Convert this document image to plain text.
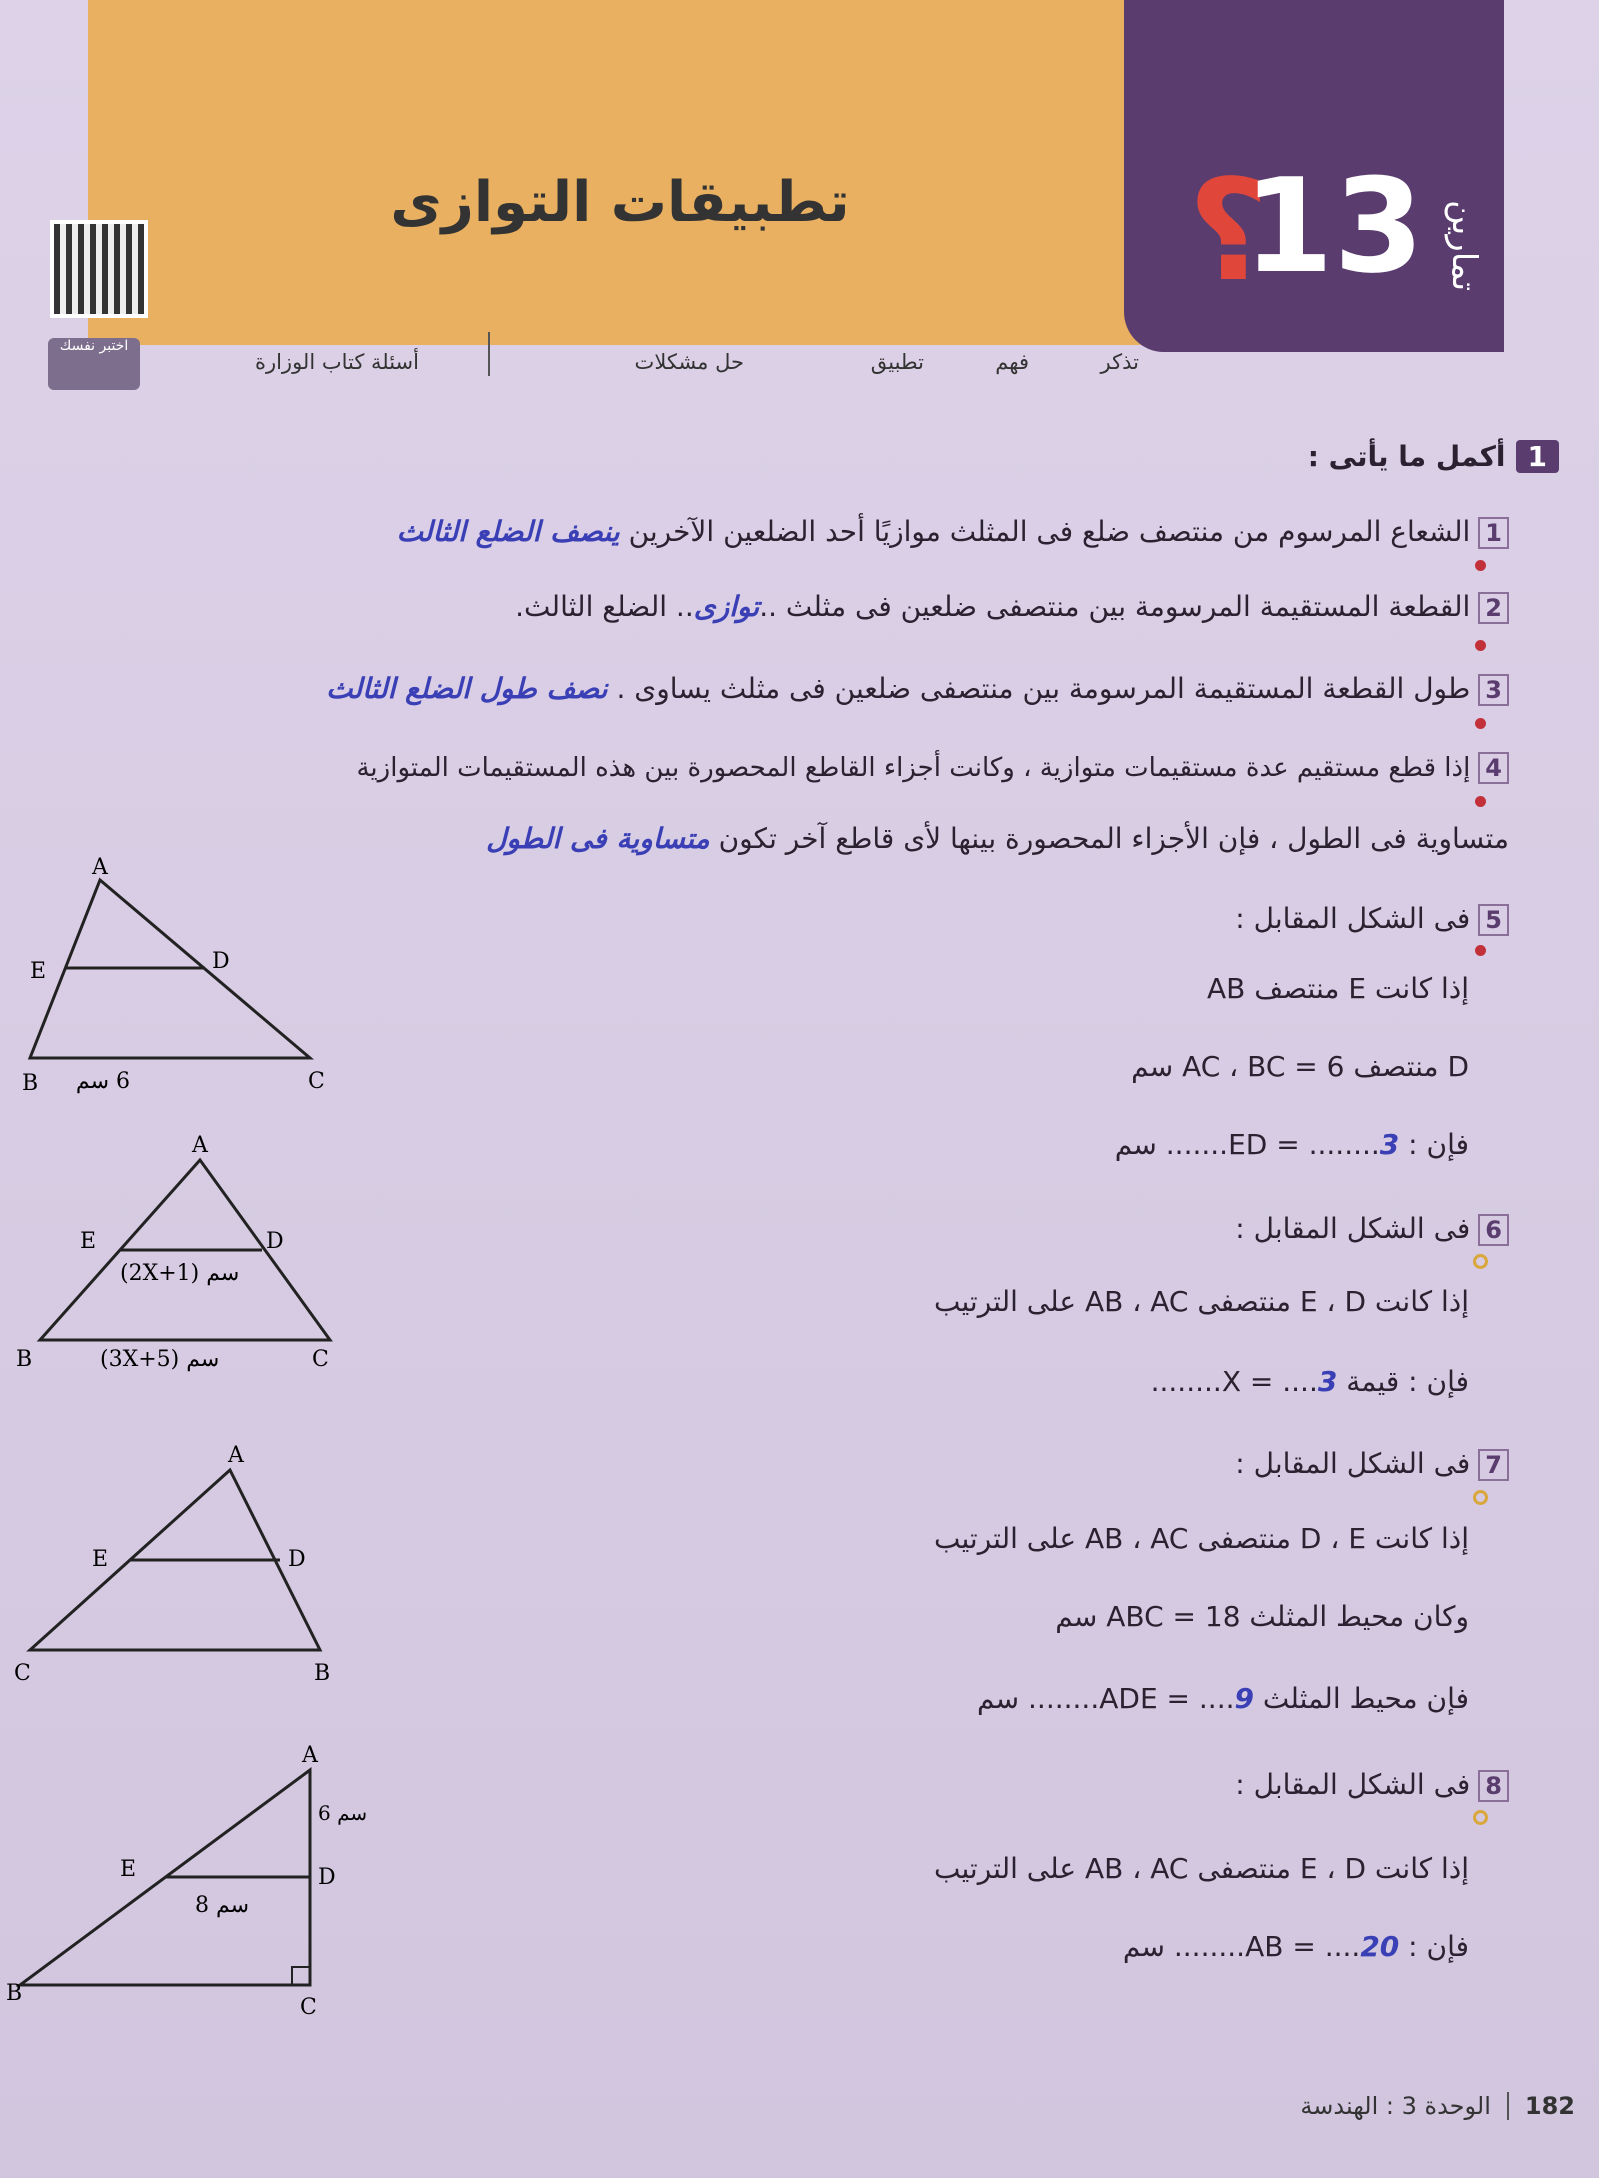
؟
13 تمارين
تطبيقات التوازى
اختبر نفسك
تذكر
فهم
تطبيق
حل مشكلات
أسئلة كتاب الوزارة
1أكمل ما يأتى :
1الشعاع المرسوم من منتصف ضلع فى المثلث موازيًا أحد الضلعين الآخرين ينصف الضلع الثالث
2القطعة المستقيمة المرسومة بين منتصفى ضلعين فى مثلث ..توازى.. الضلع الثالث.
3طول القطعة المستقيمة المرسومة بين منتصفى ضلعين فى مثلث يساوى . نصف طول الضلع الثالث
4إذا قطع مستقيم عدة مستقيمات متوازية ، وكانت أجزاء القاطع المحصورة بين هذه المستقيمات المتوازية
متساوية فى الطول ، فإن الأجزاء المحصورة بينها لأى قاطع آخر تكون متساوية فى الطول
5فى الشكل المقابل :
إذا كانت E منتصف AB
D منتصف AC ، BC = 6 سم
فإن : ED = ........3....... سم
6فى الشكل المقابل :
إذا كانت E ، D منتصفى AB ، AC على الترتيب
فإن : قيمة X = ....3........
7فى الشكل المقابل :
إذا كانت D ، E منتصفى AB ، AC على الترتيب
وكان محيط المثلث ABC = 18 سم
فإن محيط المثلث ADE = ....9........ سم
8فى الشكل المقابل :
إذا كانت E ، D منتصفى AB ، AC على الترتيب
فإن : AB = ....20........ سم
A
E	D
B	C
6 سم
A
E	D
B	C
(2X+1) سم
(3X+5) سم
A
E	D
C	B
A
E	D
B
C
8 سم
6 سم
182الوحدة 3 : الهندسة
